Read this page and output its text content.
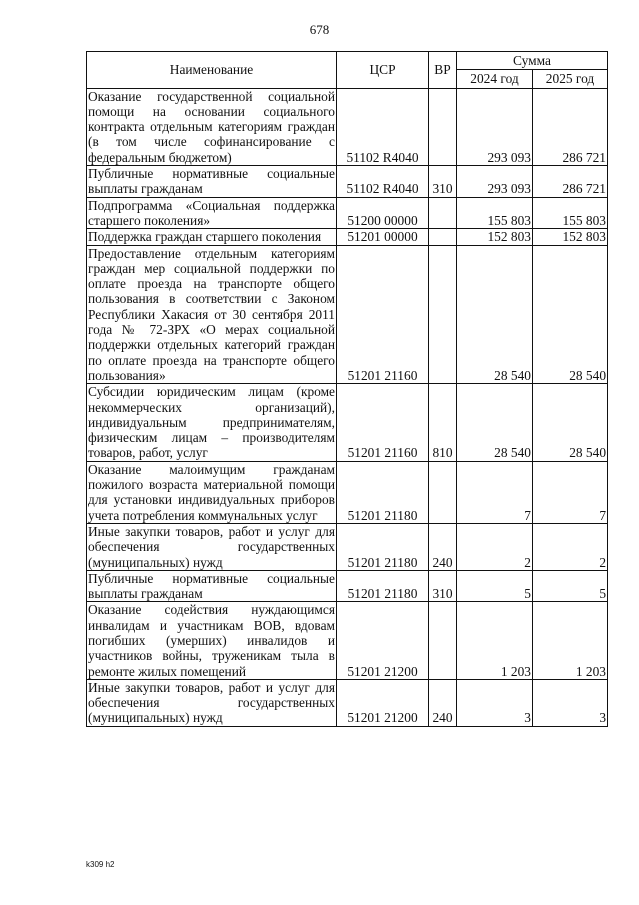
678
Наименование	ЦСР	ВР	Сумма	
			2024 год	2025 год
Оказание государственной социальной помощи на основании социального контракта отдельным категориям граждан (в том числе софинансирование с федеральным бюджетом)	51102 R4040		293 093	286 721
Публичные нормативные социальные выплаты гражданам	51102 R4040	310	293 093	286 721
Подпрограмма «Социальная поддержка старшего поколения»	51200 00000		155 803	155 803
Поддержка граждан старшего поколения	51201 00000		152 803	152 803
Предоставление отдельным категориям граждан мер социальной поддержки по оплате проезда на транспорте общего пользования в соответствии с Законом Республики Хакасия от 30 сентября 2011 года № 72-ЗРХ «О мерах социальной поддержки отдельных категорий граждан по оплате проезда на транспорте общего пользования»	51201 21160		28 540	28 540
Субсидии юридическим лицам (кроме некоммерческих организаций), индивидуальным предпринимателям, физическим лицам – производителям товаров, работ, услуг	51201 21160	810	28 540	28 540
Оказание малоимущим гражданам пожилого возраста материальной помощи для установки индивидуальных приборов учета потребления коммунальных услуг	51201 21180		7	7
Иные закупки товаров, работ и услуг для обеспечения государственных (муниципальных) нужд	51201 21180	240	2	2
Публичные нормативные социальные выплаты гражданам	51201 21180	310	5	5
Оказание содействия нуждающимся инвалидам и участникам ВОВ, вдовам погибших (умерших) инвалидов и участников войны, труженикам тыла в ремонте жилых помещений	51201 21200		1 203	1 203
Иные закупки товаров, работ и услуг для обеспечения государственных (муниципальных) нужд	51201 21200	240	3	3
k309 h2
